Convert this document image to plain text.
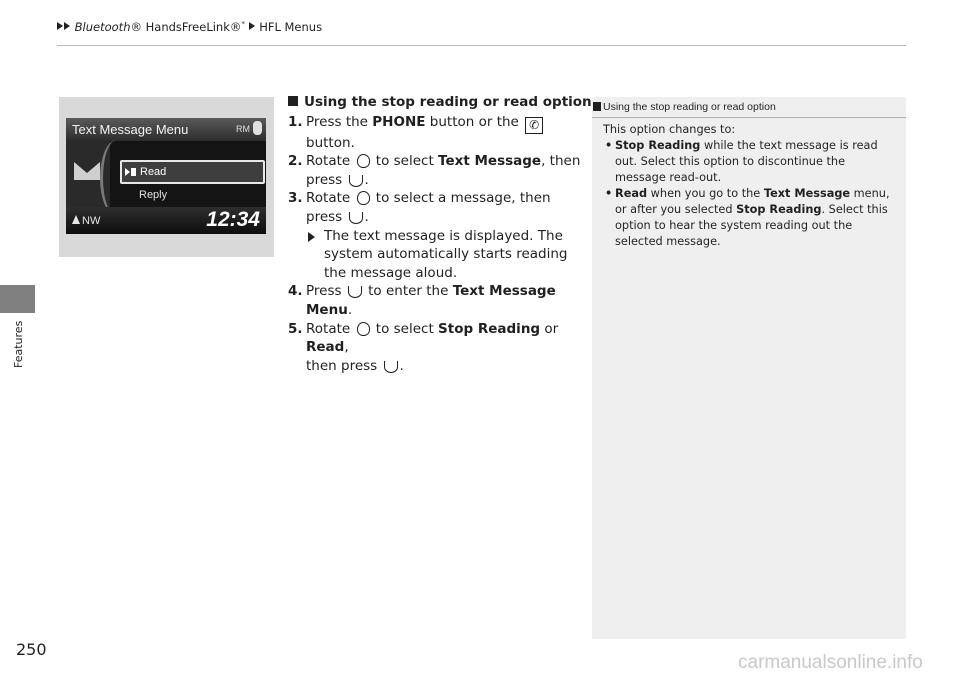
Bluetooth® HandsFreeLink®* HFL Menus
Features
Text Message Menu	RM
Read
Reply
NW	12:34
Using the stop reading or read option
1. Press the PHONE button or the ✆ button.
2. Rotate  to select Text Message, then press .
3. Rotate  to select a message, then press .
The text message is displayed. The system automatically starts reading the message aloud.
4. Press  to enter the Text Message Menu.
5. Rotate  to select Stop Reading or Read,
then press .
Using the stop reading or read option
This option changes to:
• Stop Reading while the text message is read out. Select this option to discontinue the message read-out.
• Read when you go to the Text Message menu, or after you selected Stop Reading. Select this option to hear the system reading out the selected message.
250
carmanualsonline.info
